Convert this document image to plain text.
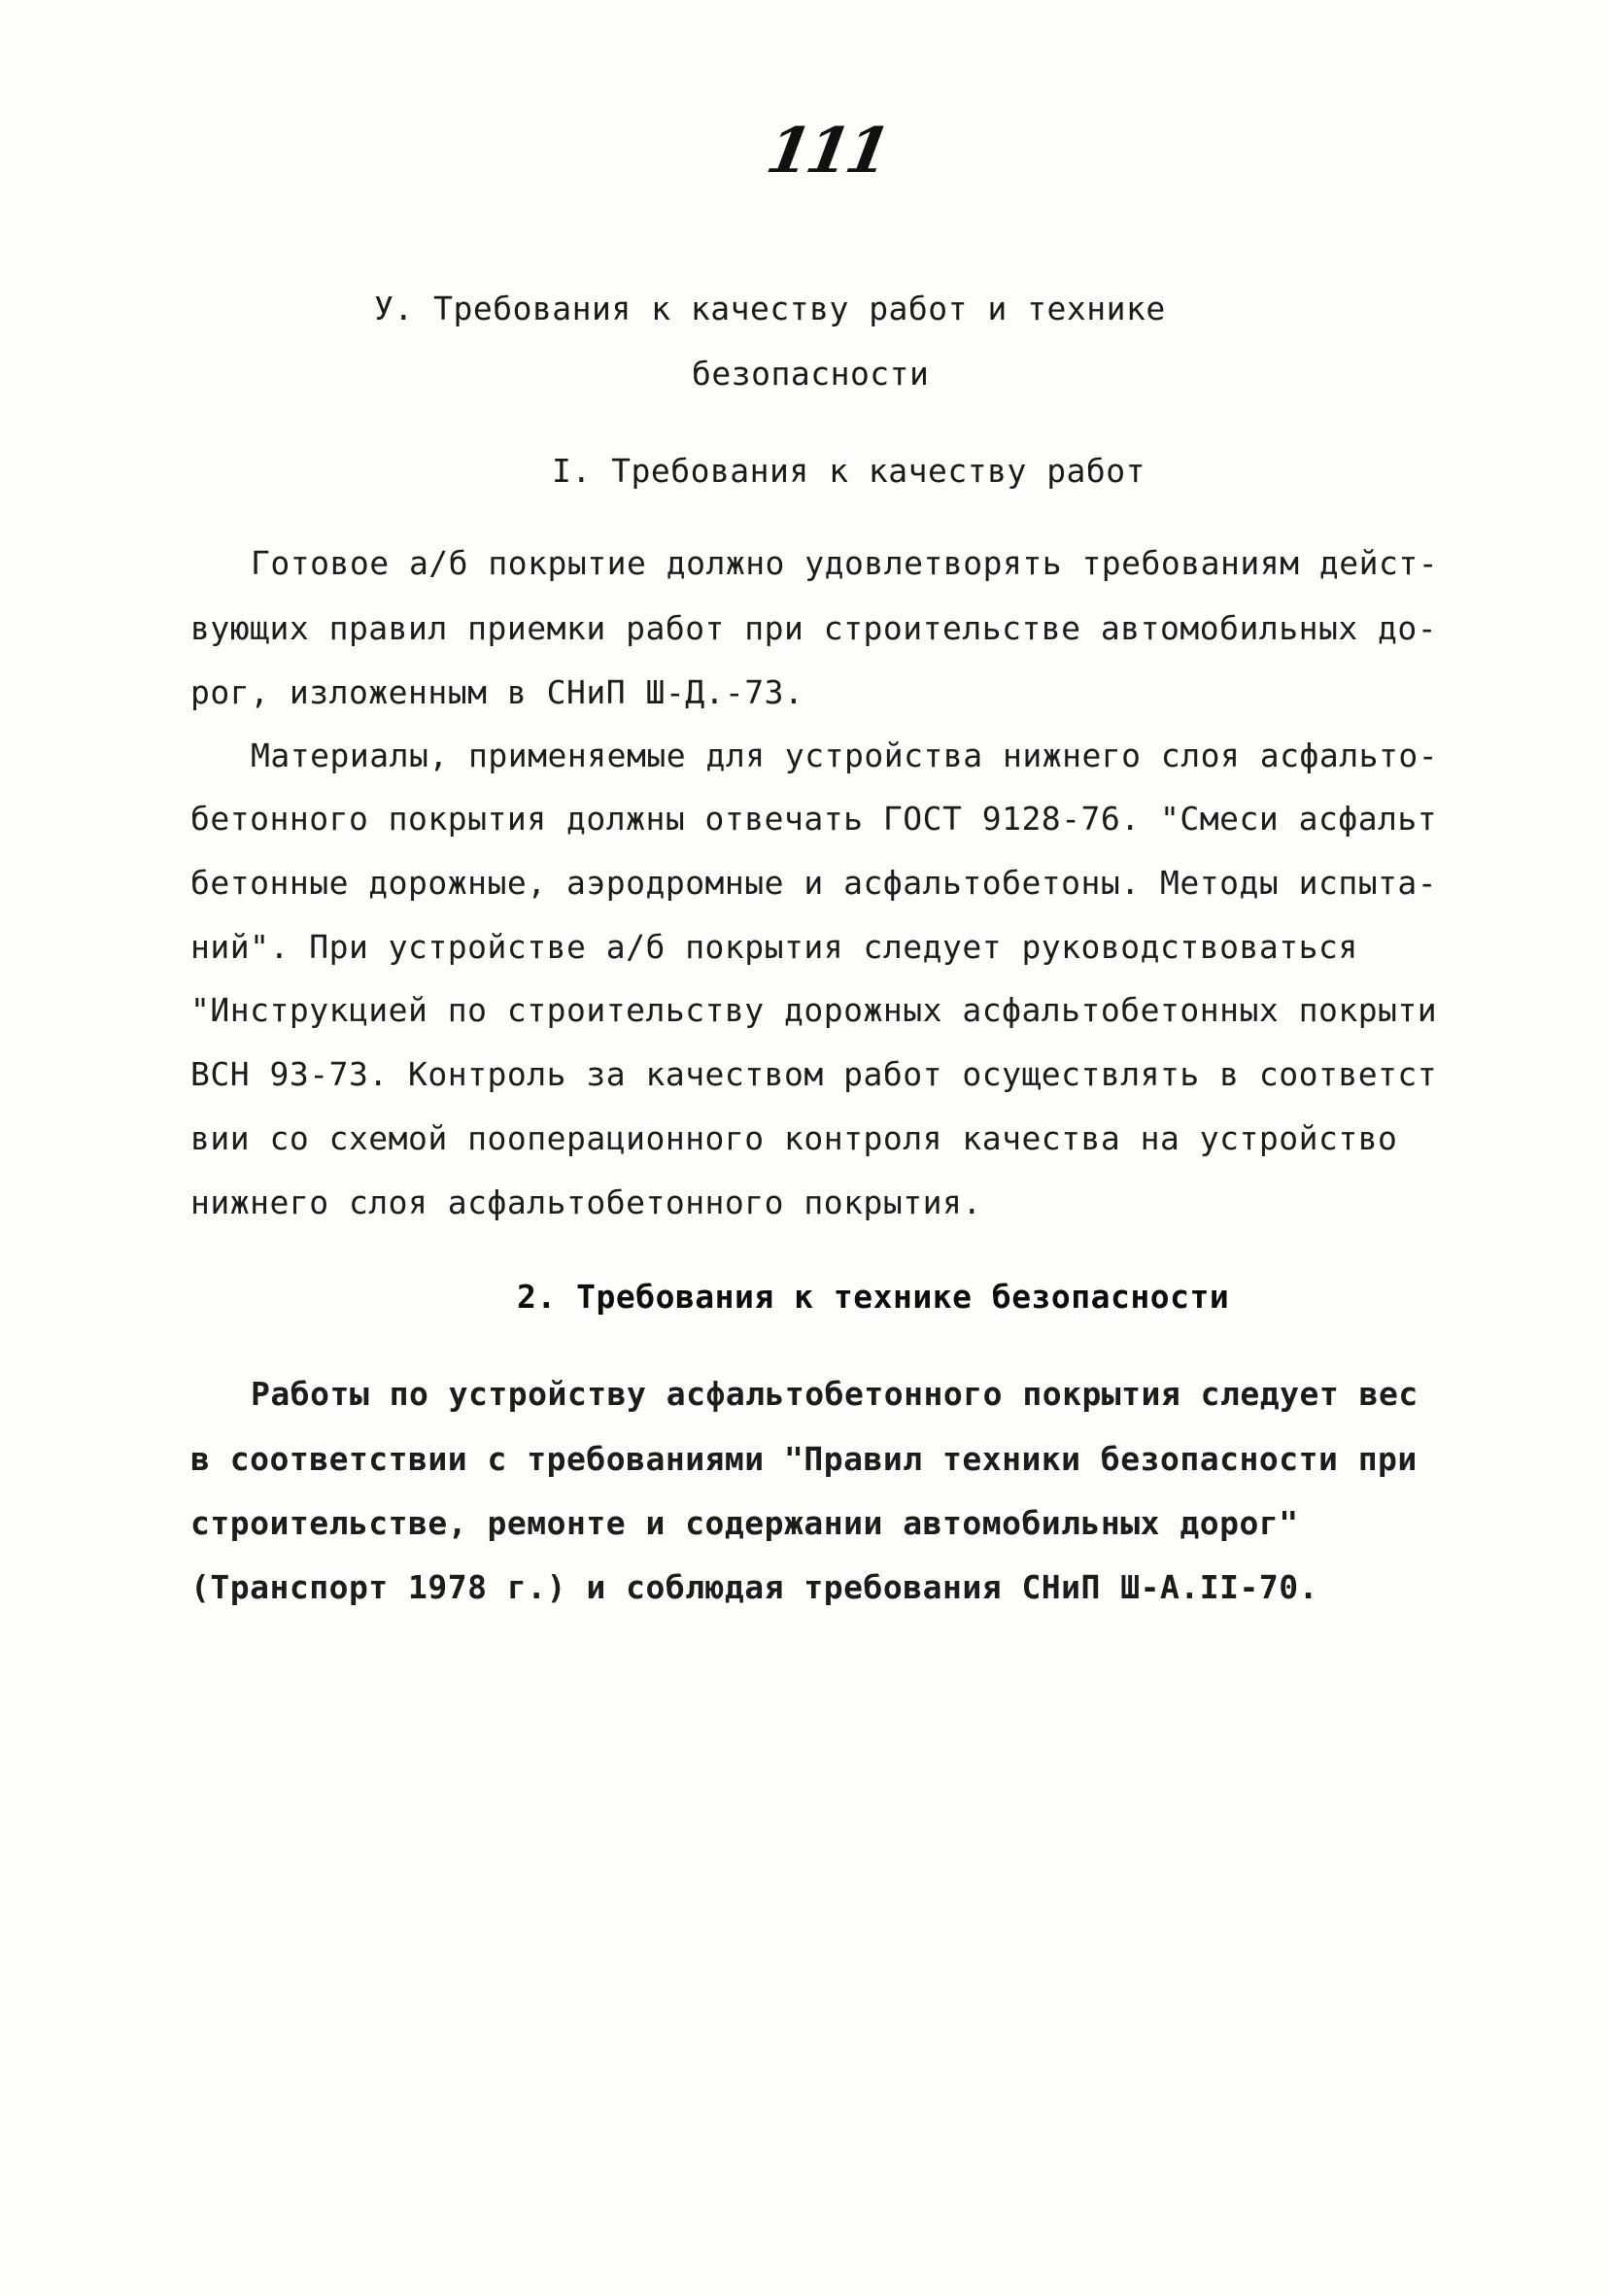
111
У. Требования к качеству работ и технике
безопасности
I. Требования к качеству работ
Готовое а/б покрытие должно удовлетворять требованиям дейст-
вующих правил приемки работ при строительстве автомобильных до-
рог, изложенным в СНиП Ш-Д.-73.
Материалы, применяемые для устройства нижнего слоя асфальто-
бетонного покрытия должны отвечать ГОСТ 9128-76. "Смеси асфальт
бетонные дорожные, аэродромные и асфальтобетоны. Методы испыта-
ний". При устройстве а/б покрытия следует руководствоваться
"Инструкцией по строительству дорожных асфальтобетонных покрыти
ВСН 93-73. Контроль за качеством работ осуществлять в соответст
вии со схемой пооперационного контроля качества на устройство
нижнего слоя асфальтобетонного покрытия.
2. Требования к технике безопасности
Работы по устройству асфальтобетонного покрытия следует вес
в соответствии с требованиями "Правил техники безопасности при
строительстве, ремонте и содержании автомобильных дорог"
(Транспорт 1978 г.) и соблюдая требования СНиП Ш-А.II-70.
